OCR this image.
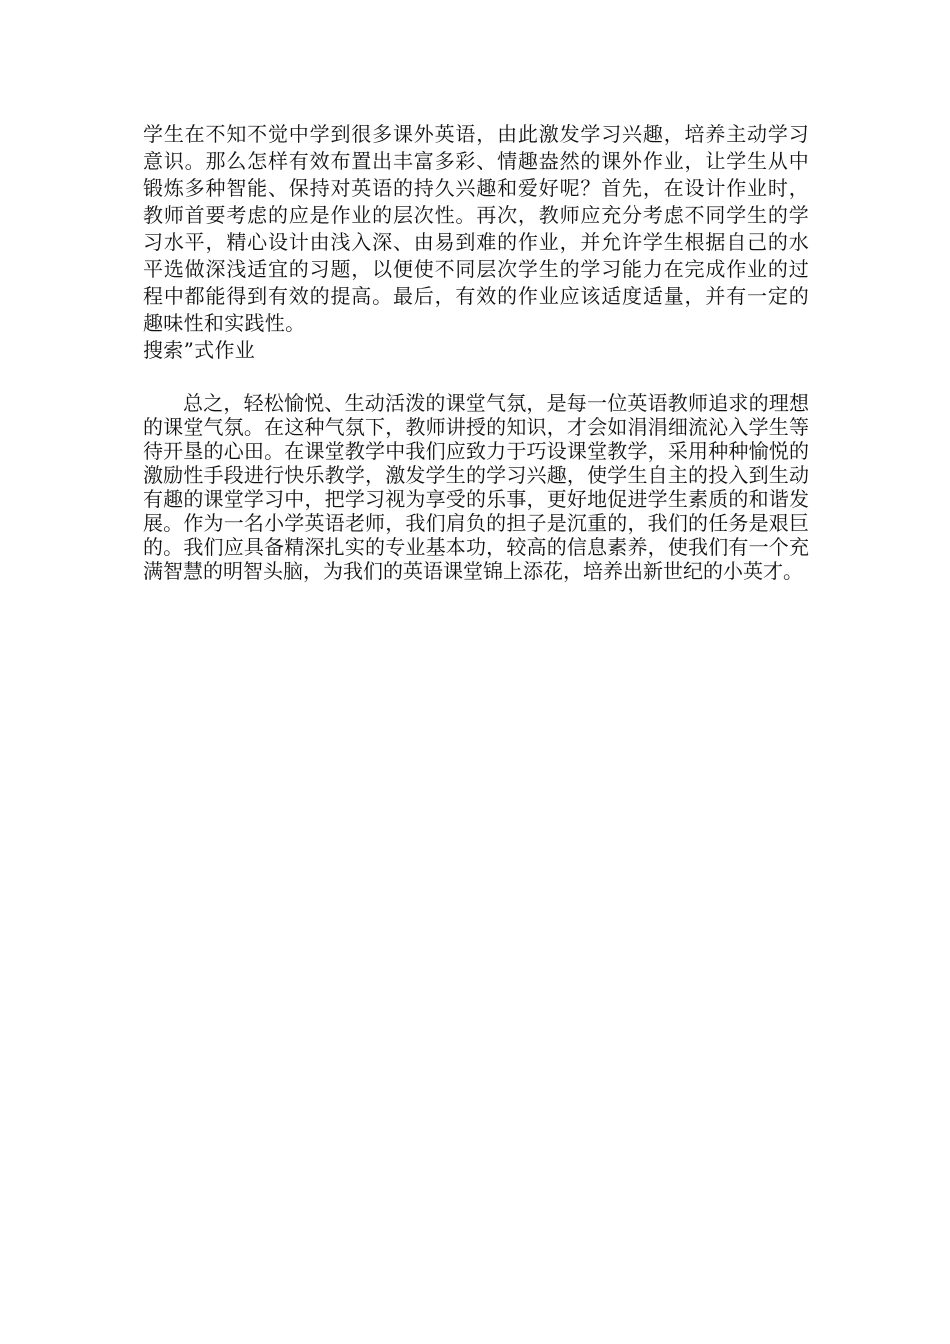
学生在不知不觉中学到很多课外英语，由此激发学习兴趣，培养主动学习意识。那么怎样有效布置出丰富多彩、情趣盎然的课外作业，让学生从中锻炼多种智能、保持对英语的持久兴趣和爱好呢？首先，在设计作业时，教师首要考虑的应是作业的层次性。再次，教师应充分考虑不同学生的学习水平，精心设计由浅入深、由易到难的作业，并允许学生根据自己的水平选做深浅适宜的习题，以便使不同层次学生的学习能力在完成作业的过程中都能得到有效的提高。最后，有效的作业应该适度适量，并有一定的趣味性和实践性。

搜索”式作业

总之，轻松愉悦、生动活泼的课堂气氛，是每一位英语教师追求的理想的课堂气氛。在这种气氛下，教师讲授的知识，才会如涓涓细流沁入学生等待开垦的心田。在课堂教学中我们应致力于巧设课堂教学，采用种种愉悦的激励性手段进行快乐教学，激发学生的学习兴趣，使学生自主的投入到生动有趣的课堂学习中，把学习视为享受的乐事，更好地促进学生素质的和谐发展。作为一名小学英语老师，我们肩负的担子是沉重的，我们的任务是艰巨的。我们应具备精深扎实的专业基本功，较高的信息素养，使我们有一个充满智慧的明智头脑，为我们的英语课堂锦上添花，培养出新世纪的小英才。
